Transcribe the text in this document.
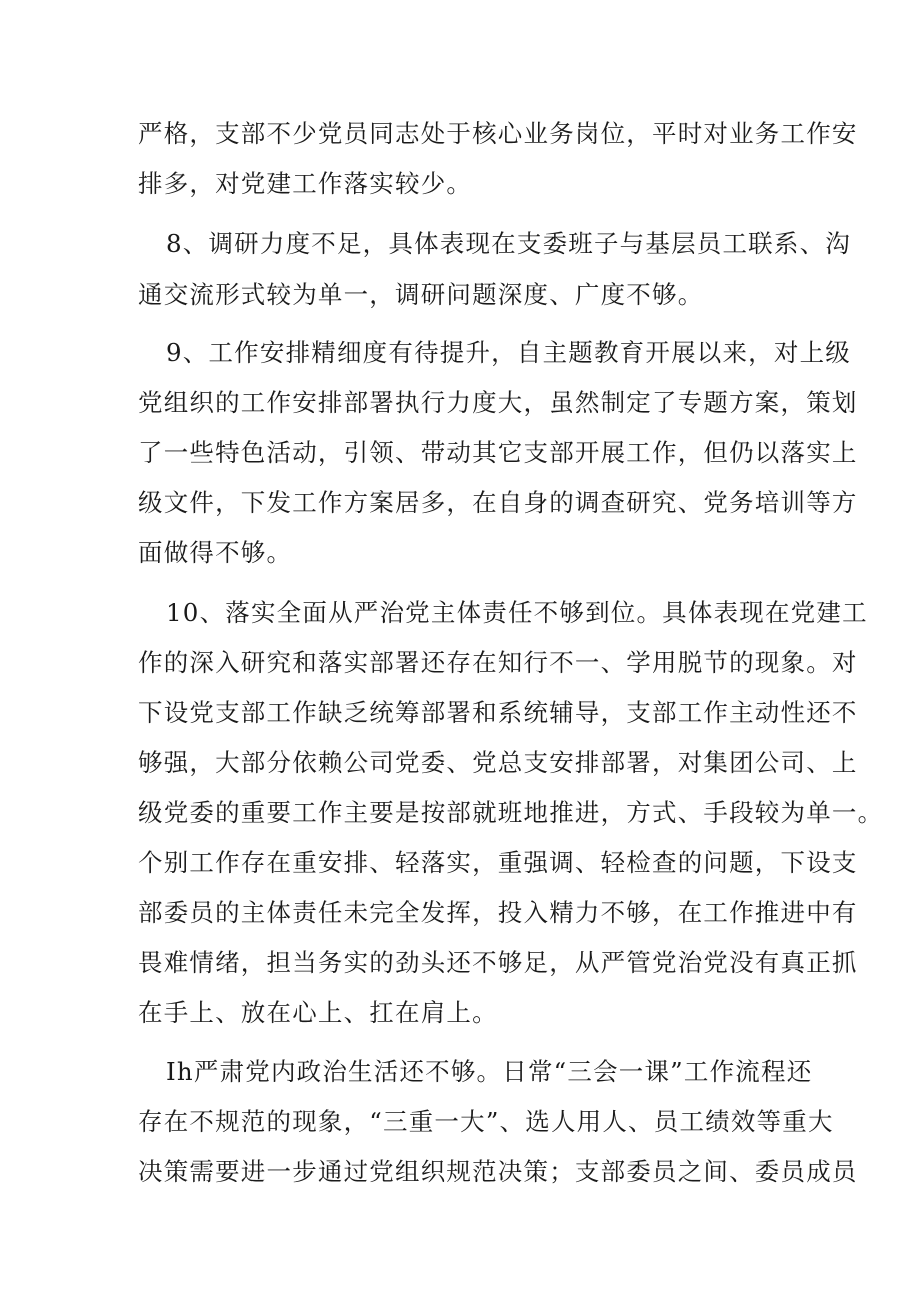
严格，支部不少党员同志处于核心业务岗位，平时对业务工作安
排多，对党建工作落实较少。
8、调研力度不足，具体表现在支委班子与基层员工联系、沟
通交流形式较为单一，调研问题深度、广度不够。
9、工作安排精细度有待提升，自主题教育开展以来，对上级
党组织的工作安排部署执行力度大，虽然制定了专题方案，策划
了一些特色活动，引领、带动其它支部开展工作，但仍以落实上
级文件，下发工作方案居多，在自身的调查研究、党务培训等方
面做得不够。
10、落实全面从严治党主体责任不够到位。具体表现在党建工
作的深入研究和落实部署还存在知行不一、学用脱节的现象。对
下设党支部工作缺乏统筹部署和系统辅导，支部工作主动性还不
够强，大部分依赖公司党委、党总支安排部署，对集团公司、上
级党委的重要工作主要是按部就班地推进，方式、手段较为单一。
个别工作存在重安排、轻落实，重强调、轻检查的问题，下设支
部委员的主体责任未完全发挥，投入精力不够，在工作推进中有
畏难情绪，担当务实的劲头还不够足，从严管党治党没有真正抓
在手上、放在心上、扛在肩上。
Ih严肃党内政治生活还不够。日常“三会一课”工作流程还
存在不规范的现象，“三重一大”、选人用人、员工绩效等重大
决策需要进一步通过党组织规范决策；支部委员之间、委员成员
